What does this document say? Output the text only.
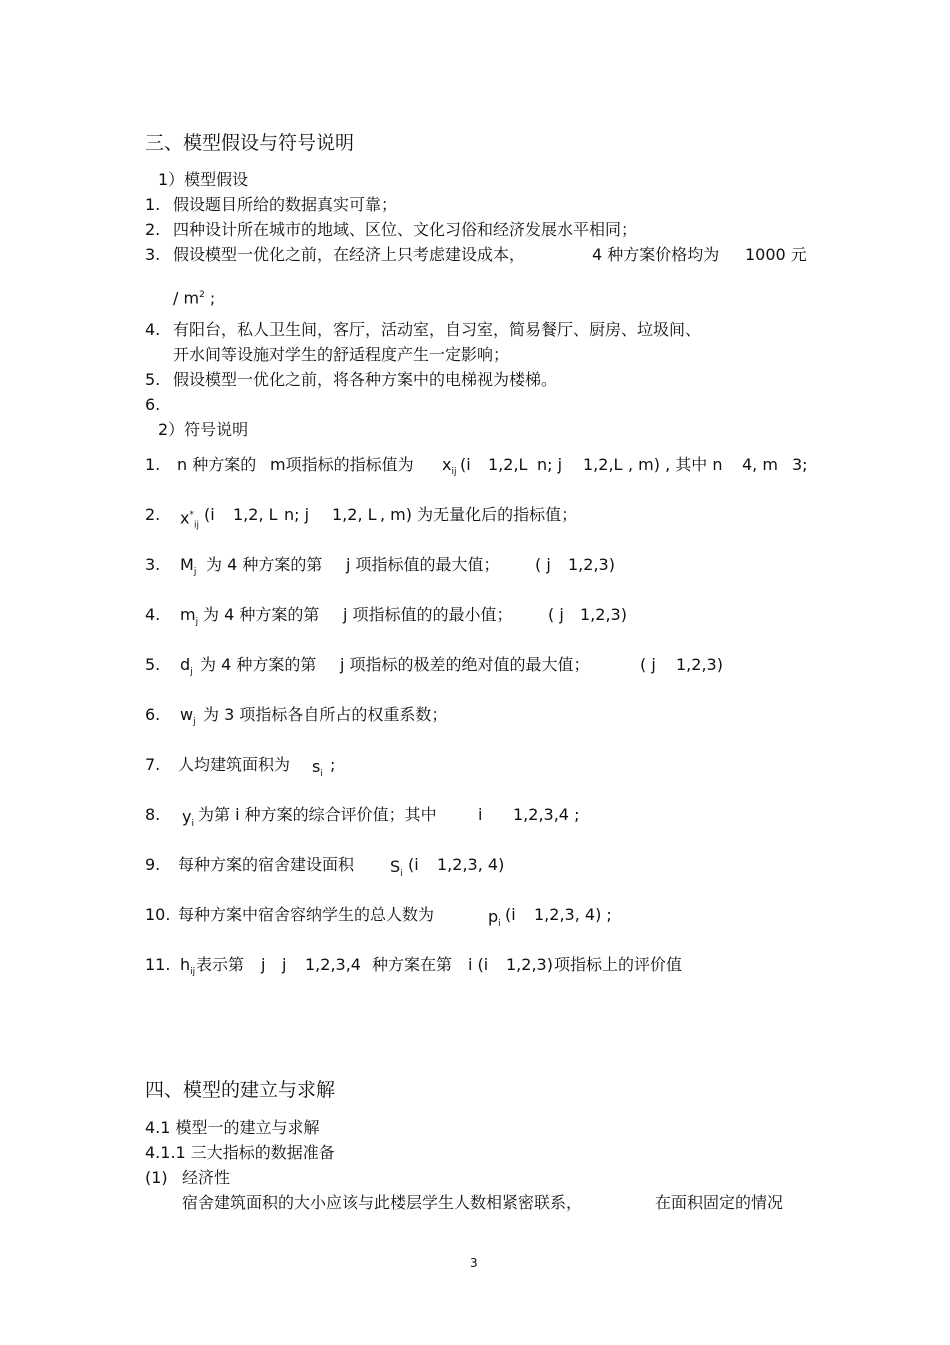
三、模型假设与符号说明
1）模型假设
1. 假设题目所给的数据真实可靠；
2. 四种设计所在城市的地域、区位、文化习俗和经济发展水平相同；
3. 假设模型一优化之前，在经济上只考虑建设成本，	4 种方案价格均为 1000 元
/ $m^2$ ;
4. 有阳台，私人卫生间，客厅，活动室，自习室，简易餐厅、厨房、垃圾间、
开水间等设施对学生的舒适程度产生一定影响；
5. 假设模型一优化之前，将各种方案中的电梯视为楼梯。
6.
2）符号说明
1. n 种方案的 m项指标的指标值为 $x_{ij}$ (i 1,2,L n; j 1,2,L , m) , 其中 n 4, m 3;
2. $x^*_{ij}$
(i 1,2, L n; j 1,2, L , m) 为无量化后的指标值；
3. $M_j$ 为 4 种方案的第 j 项指标值的最大值； ( j 1,2,3)
4. $m_j$ 为 4 种方案的第 j 项指标值的的最小值； ( j 1,2,3)
5. $d_j$ 为 4 种方案的第 j 项指标的极差的绝对值的最大值；	( j 1,2,3)
6. $w_j$ 为 3 项指标各自所占的权重系数；
7. 人均建筑面积为 $s_i$
;
8. $y_i$
为第 i 种方案的综合评价值；其中	i 1,2,3,4 ;
9. 每种方案的宿舍建设面积 $S_i$
(i 1,2,3, 4)
10. 每种方案中宿舍容纳学生的总人数为	$p_i$
(i 1,2,3, 4) ;
11. $h_{ij}$ 表示第 j j 1,2,3,4 种方案在第 i (i 1,2,3) 项指标上的评价值
四、模型的建立与求解
4.1 模型一的建立与求解
4.1.1 三大指标的数据准备
(1) 经济性
宿舍建筑面积的大小应该与此楼层学生人数相紧密联系，	在面积固定的情况
3
